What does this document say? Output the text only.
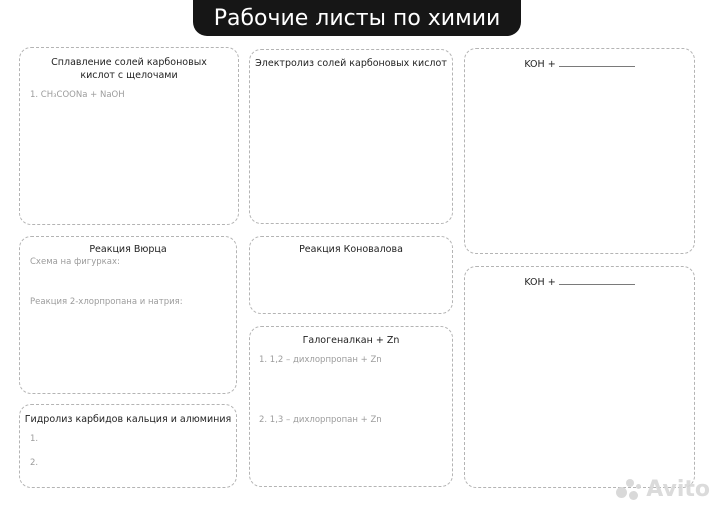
Рабочие листы по химии
Сплавление солей карбоновых кислот с щелочами
1. CH₃COONa + NaOH
Реакция Вюрца
Схема на фигурках:
Реакция 2-хлорпропана и натрия:
Гидролиз карбидов кальция и алюминия
1.
2.
Электролиз солей карбоновых кислот
Реакция Коновалова
Галогеналкан + Zn
1. 1,2 – дихлорпропан + Zn
2. 1,3 – дихлорпропан + Zn
KOH +
KOH +
Avito
